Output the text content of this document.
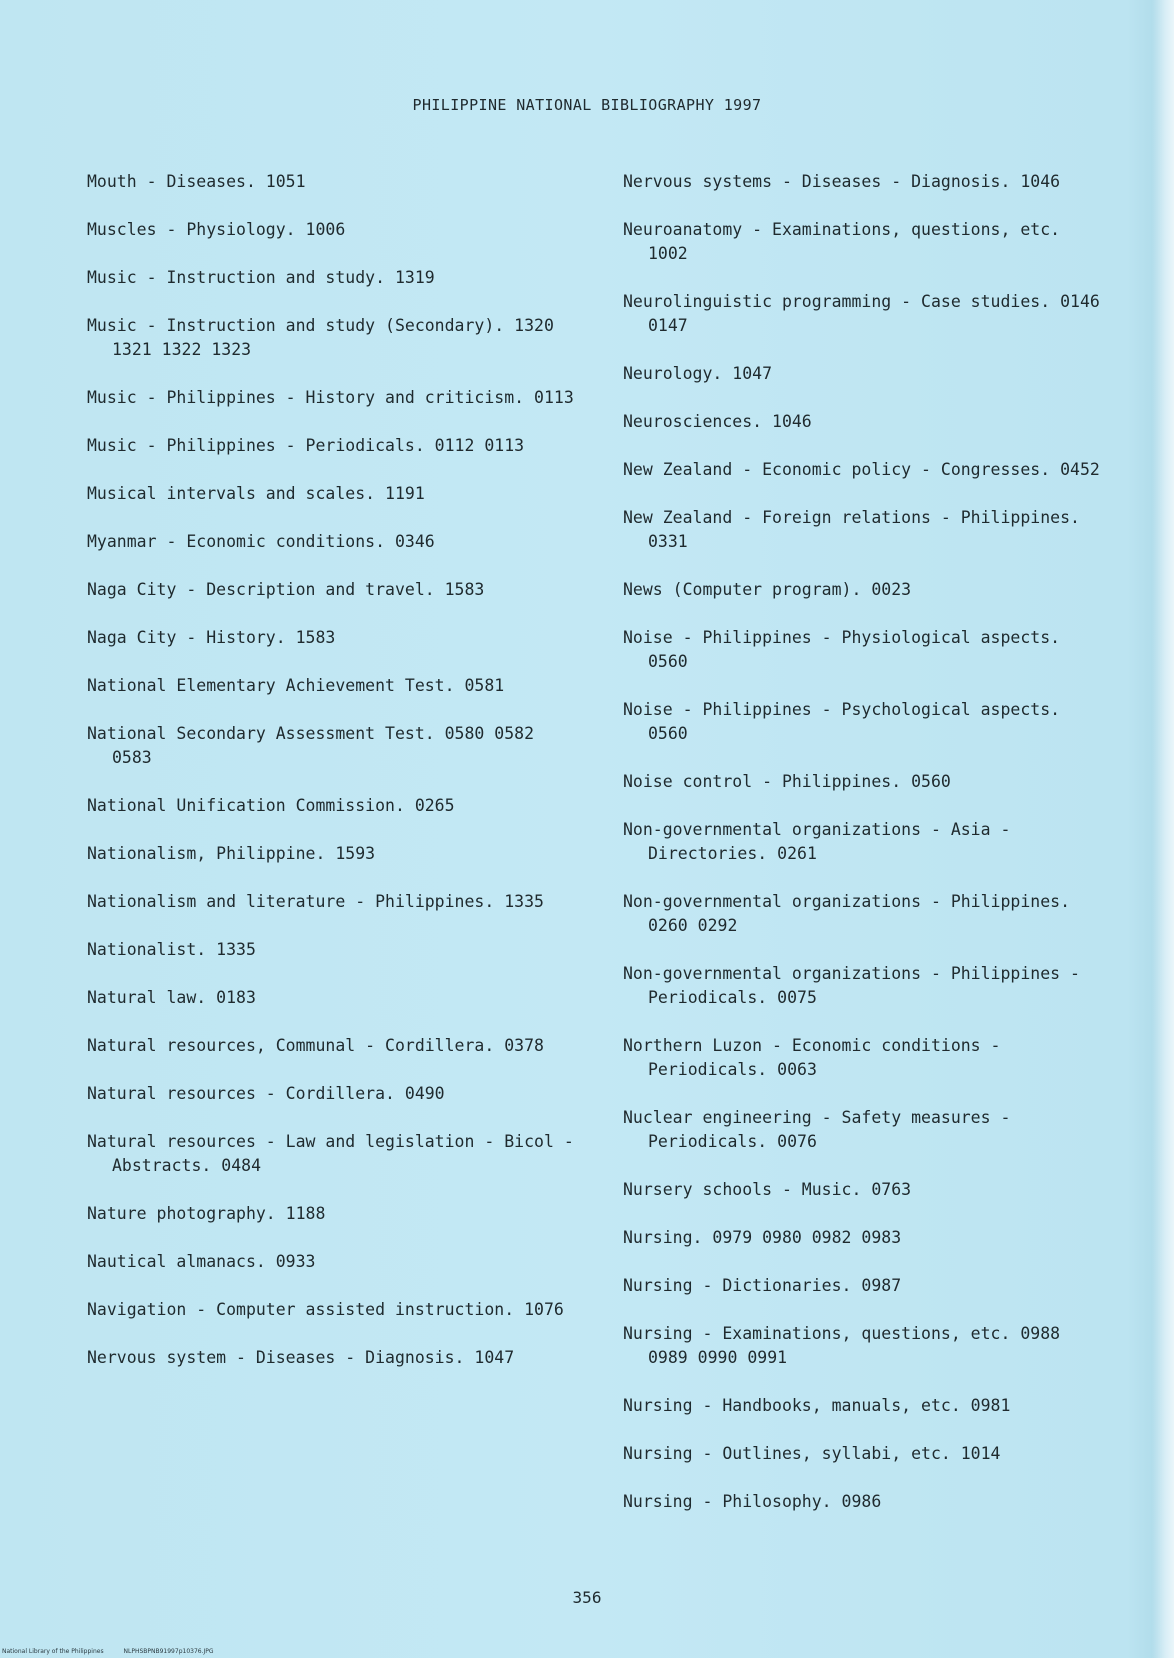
PHILIPPINE NATIONAL BIBLIOGRAPHY 1997
Mouth - Diseases. 1051
Muscles - Physiology. 1006
Music - Instruction and study. 1319
Music - Instruction and study (Secondary). 1320 1321 1322 1323
Music - Philippines - History and criticism. 0113
Music - Philippines - Periodicals. 0112 0113
Musical intervals and scales. 1191
Myanmar - Economic conditions. 0346
Naga City - Description and travel. 1583
Naga City - History. 1583
National Elementary Achievement Test. 0581
National Secondary Assessment Test. 0580 0582 0583
National Unification Commission. 0265
Nationalism, Philippine. 1593
Nationalism and literature - Philippines. 1335
Nationalist. 1335
Natural law. 0183
Natural resources, Communal - Cordillera. 0378
Natural resources - Cordillera. 0490
Natural resources - Law and legislation - Bicol - Abstracts. 0484
Nature photography. 1188
Nautical almanacs. 0933
Navigation - Computer assisted instruction. 1076
Nervous system - Diseases - Diagnosis. 1047
Nervous systems - Diseases - Diagnosis. 1046
Neuroanatomy - Examinations, questions, etc. 1002
Neurolinguistic programming - Case studies. 0146 0147
Neurology. 1047
Neurosciences. 1046
New Zealand - Economic policy - Congresses. 0452
New Zealand - Foreign relations - Philippines. 0331
News (Computer program). 0023
Noise - Philippines - Physiological aspects. 0560
Noise - Philippines - Psychological aspects. 0560
Noise control - Philippines. 0560
Non-governmental organizations - Asia - Directories. 0261
Non-governmental organizations - Philippines. 0260 0292
Non-governmental organizations - Philippines - Periodicals. 0075
Northern Luzon - Economic conditions - Periodicals. 0063
Nuclear engineering - Safety measures - Periodicals. 0076
Nursery schools - Music. 0763
Nursing. 0979 0980 0982 0983
Nursing - Dictionaries. 0987
Nursing - Examinations, questions, etc. 0988 0989 0990 0991
Nursing - Handbooks, manuals, etc. 0981
Nursing - Outlines, syllabi, etc. 1014
Nursing - Philosophy. 0986
356
National Library of the Philippines	NLPHSBPNB91997p10376.JPG
